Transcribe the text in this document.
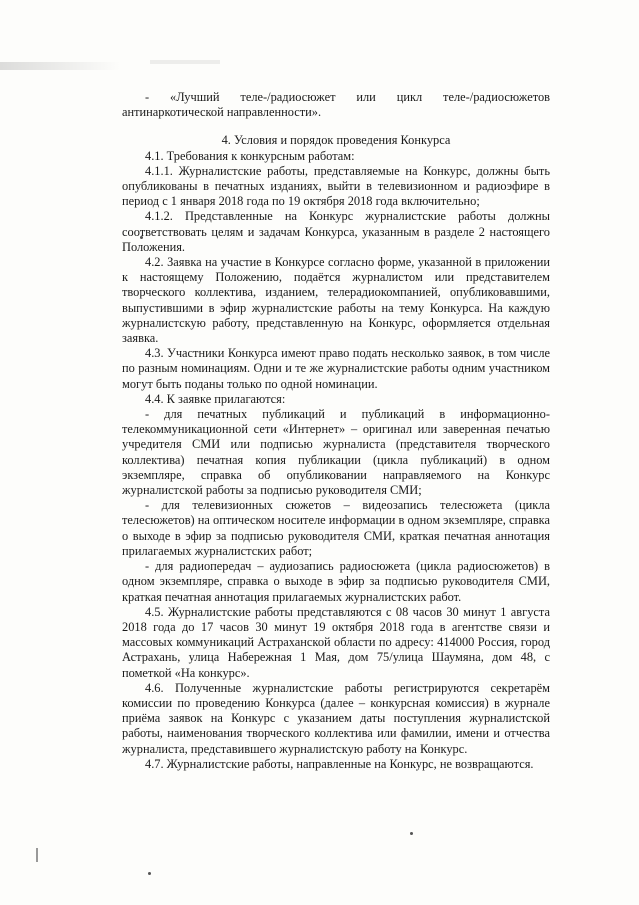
- «Лучший теле-/радиосюжет или цикл теле-/радиосюжетов антинаркотической направленности».

4. Условия и порядок проведения Конкурса

4.1. Требования к конкурсным работам:

4.1.1. Журналистские работы, представляемые на Конкурс, должны быть опубликованы в печатных изданиях, выйти в телевизионном и радиоэфире в период с 1 января 2018 года по 19 октября 2018 года включительно;

4.1.2. Представленные на Конкурс журналистские работы должны соответствовать целям и задачам Конкурса, указанным в разделе 2 настоящего Положения.

4.2. Заявка на участие в Конкурсе согласно форме, указанной в приложении к настоящему Положению, подаётся журналистом или представителем творческого коллектива, изданием, телерадиокомпанией, опубликовавшими, выпустившими в эфир журналистские работы на тему Конкурса. На каждую журналистскую работу, представленную на Конкурс, оформляется отдельная заявка.

4.3. Участники Конкурса имеют право подать несколько заявок, в том числе по разным номинациям. Одни и те же журналистские работы одним участником могут быть поданы только по одной номинации.

4.4. К заявке прилагаются:

- для печатных публикаций и публикаций в информационно-телекоммуникационной сети «Интернет» – оригинал или заверенная печатью учредителя СМИ или подписью журналиста (представителя творческого коллектива) печатная копия публикации (цикла публикаций) в одном экземпляре, справка об опубликовании направляемого на Конкурс журналистской работы за подписью руководителя СМИ;

- для телевизионных сюжетов – видеозапись телесюжета (цикла телесюжетов) на оптическом носителе информации в одном экземпляре, справка о выходе в эфир за подписью руководителя СМИ, краткая печатная аннотация прилагаемых журналистских работ;

- для радиопередач – аудиозапись радиосюжета (цикла радиосюжетов) в одном экземпляре, справка о выходе в эфир за подписью руководителя СМИ, краткая печатная аннотация прилагаемых журналистских работ.

4.5. Журналистские работы представляются с 08 часов 30 минут 1 августа 2018 года до 17 часов 30 минут 19 октября 2018 года в агентстве связи и массовых коммуникаций Астраханской области по адресу: 414000 Россия, город Астрахань, улица Набережная 1 Мая, дом 75/улица Шаумяна, дом 48, с пометкой «На конкурс».

4.6. Полученные журналистские работы регистрируются секретарём комиссии по проведению Конкурса (далее – конкурсная комиссия) в журнале приёма заявок на Конкурс с указанием даты поступления журналистской работы, наименования творческого коллектива или фамилии, имени и отчества журналиста, представившего журналистскую работу на Конкурс.

4.7. Журналистские работы, направленные на Конкурс, не возвращаются.
